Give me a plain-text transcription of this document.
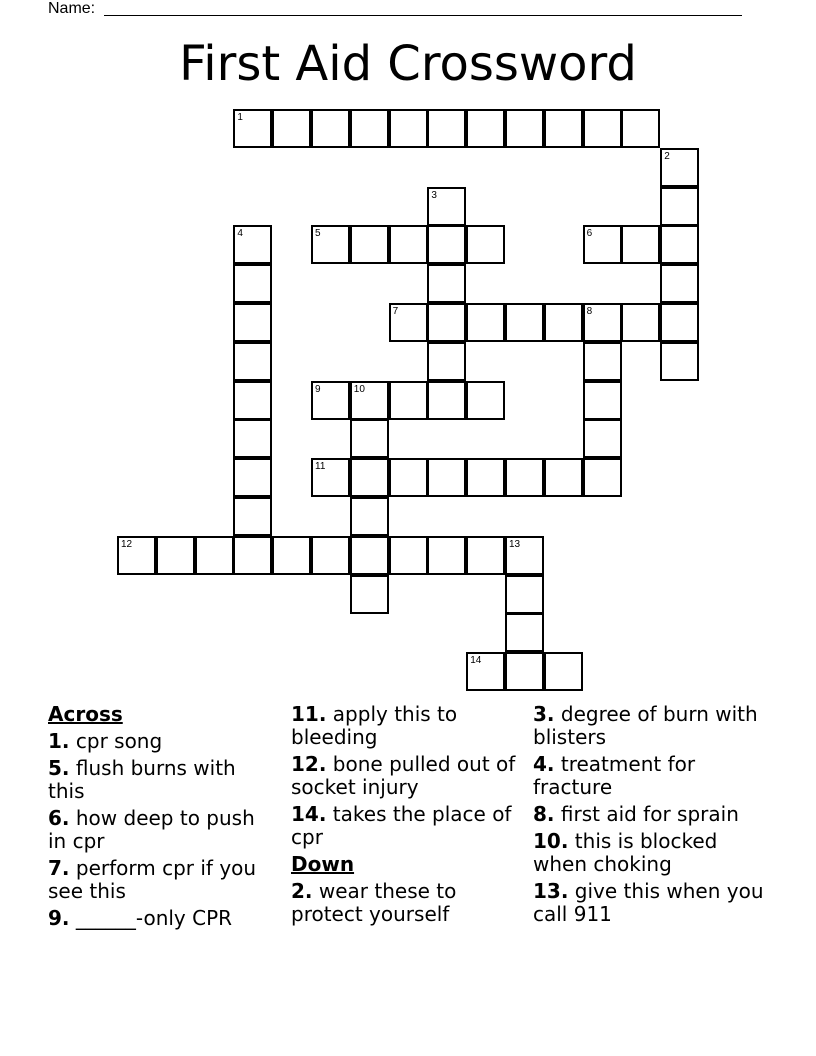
Name:
First Aid Crossword
1
5	6
7	8
9	10
11
12	13
14
2
3
4
Across
1. cpr song
5. flush burns with this
6. how deep to push in cpr
7. perform cpr if you see this
9. ______-only CPR
11. apply this to bleeding
12. bone pulled out of socket injury
14. takes the place of cpr
Down
2. wear these to protect yourself
3. degree of burn with blisters
4. treatment for fracture
8. first aid for sprain
10. this is blocked when choking
13. give this when you call 911
